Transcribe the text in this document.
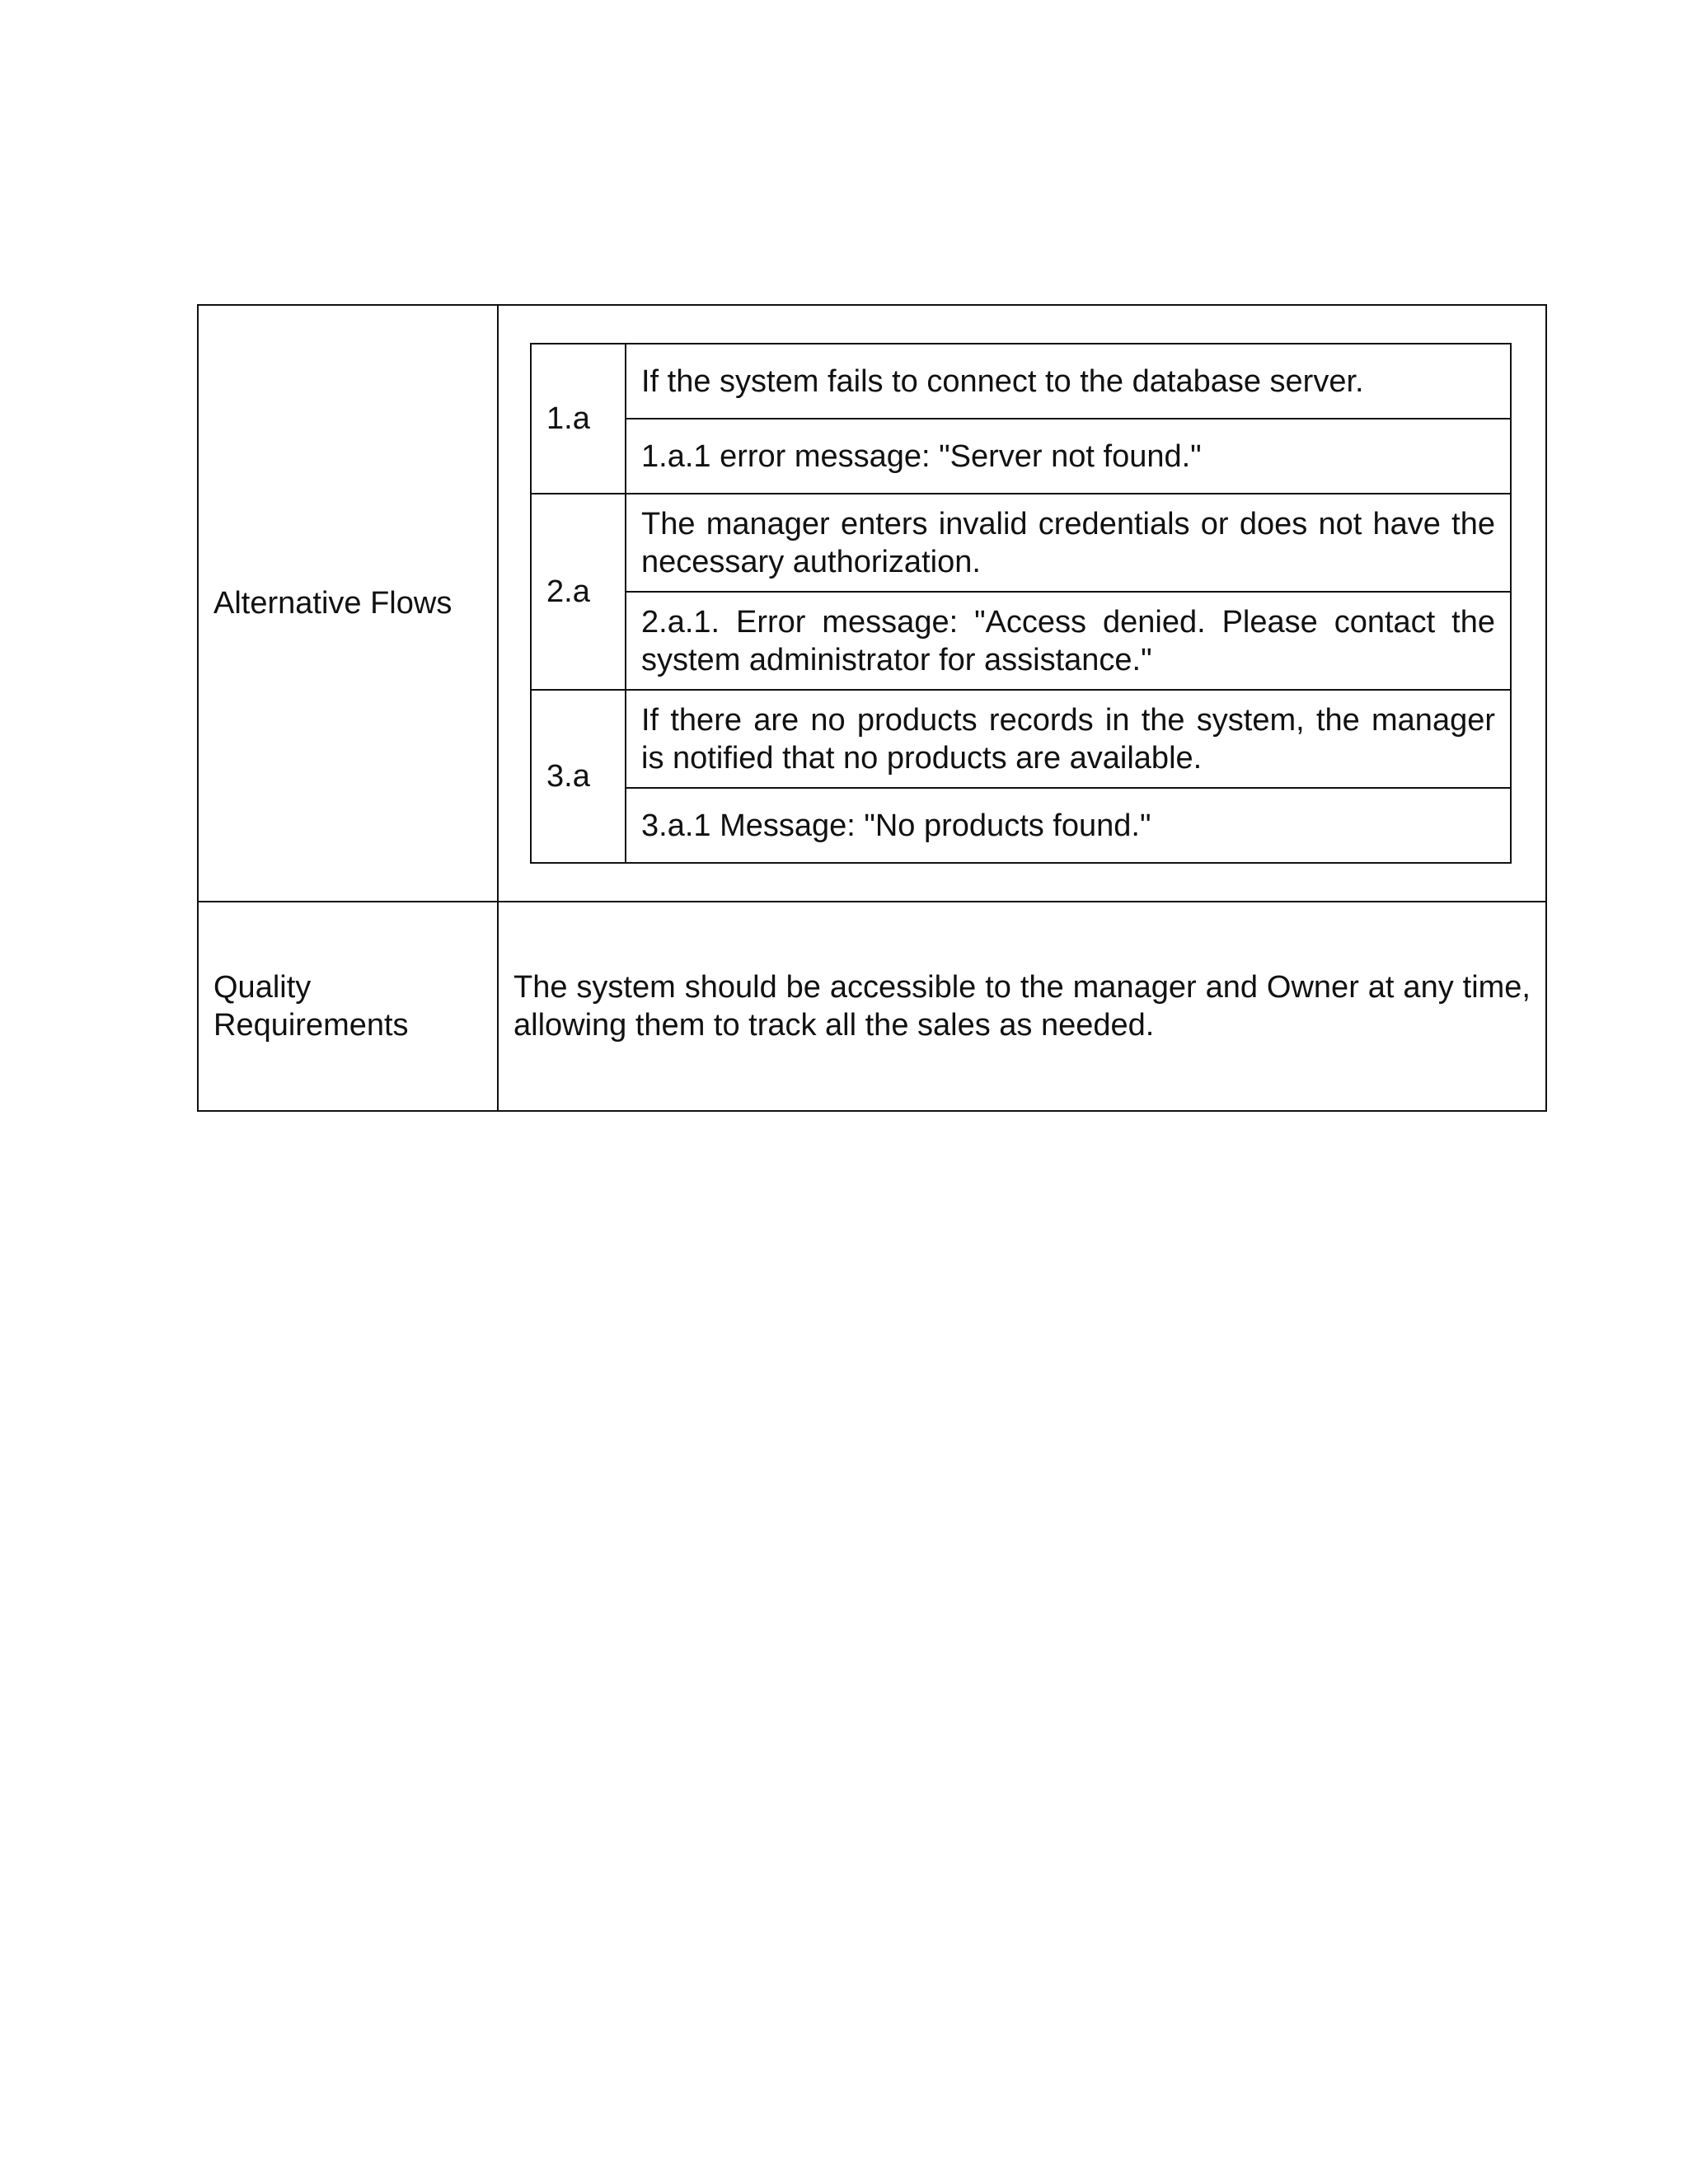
Alternative Flows	
1.a	If the system fails to connect to the database server.
1.a.1 error message: "Server not found."
2.a	The manager enters invalid credentials or does not have the necessary authorization.
2.a.1. Error message: "Access denied. Please contact the system administrator for assistance."
3.a	If there are no products records in the system, the manager is notified that no products are available.
3.a.1 Message: "No products found."

Quality
Requirements
	The system should be accessible to the manager and Owner at any time, allowing them to track all the sales as needed.
